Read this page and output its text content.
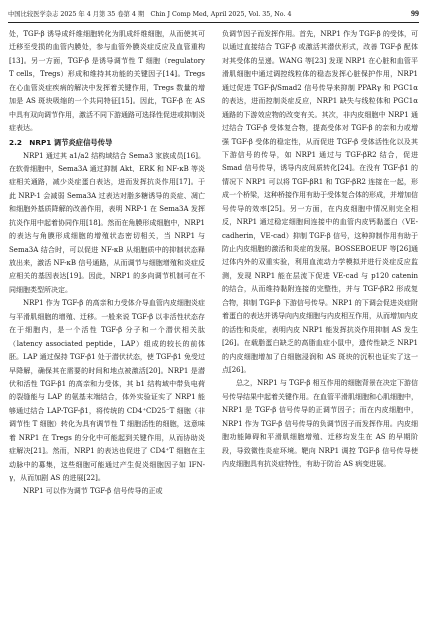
中国比较医学杂志 2025 年 4 月第 35 卷第 4 期　Chin J Comp Med, April 2025, Vol. 35, No. 4	99

处，TGF-β 诱导成纤维细胞转化为肌成纤维细胞，从而使其可迁移至受损的血管内膜处，参与血管外膜炎症反应及血管重构[13]。另一方面，TGF-β 是诱导调节性 T 细胞（regulatory T cells，Tregs）形成和维持其功能的关键因子[14]。Tregs 在心血管炎症疾病的解决中发挥着关键作用，Tregs 数量的增加是 AS 斑块吸缩的一个共同特征[15]。因此，TGF-β 在 AS 中具有双向调节作用，激活不同下游通路可选择性促进或抑制炎症表达。

2.2　NRP1 调节炎症信号传导

NRP1 通过其 a1/a2 结构域结合 Sema3 家族成员[16]。在软骨细胞中，Sema3A 通过抑制 Akt、ERK 和 NF-κB 等炎症相关通路，减少炎症蛋白表达，进而发挥抗炎作用[17]。于此 NRP-1 会减弱 Sema3A 过表达对脂多糖诱导的炎症、凋亡和细胞外基质降解的改善作用，表明 NRP-1 在 Sema3A 发挥抗炎作用中起着协同作用[18]。然而在角膜形成细胞中，NRP1 的表达与角膜形成细胞的增殖状态密切相关，当 NRP1 与 Sema3A 结合时，可以促进 NF-κB 从细胞质中的抑制状态释放出来，激活 NF-κB 信号通路，从而调节与细胞增殖和炎症反应相关的基因表达[19]。因此，NRP1 的多向调节机制可在不同细胞类型所决定。

NRP1 作为 TGF-β 的高亲和力受体介导血管内皮细胞炎症与平滑肌细胞的增殖、迁移。一般来说 TGF-β 以非活性状态存在于细胞内，是一个活性 TGF-β 分子和一个潜伏相关肽（latency associated peptide，LAP）组成的较长的前体胚。LAP 通过保持 TGF-β1 处于潜伏状态，使 TGF-β1 免受过早降解，确保其在需要的时间和地点被激活[20]。NRP1 是潜伏和活性 TGF-β1 的高亲和力受体，其 b1 结构域中带负电荷的裂缝能与 LAP 的氨基末端结合，体外实验证实了 NRP1 能够通过结合 LAP-TGF-β1，将传统的 CD4⁺CD25⁻T 细胞（非调节性 T 细胞）转化为具有调节性 T 细胞活性的细胞，这意味着 NRP1 在 Tregs 的分化中可能起到关键作用，从而协助炎症解决[21]。然而，NRP1 的表达也促进了 CD4⁺T 细胞在主动脉中的募集，这些细胞可能通过产生促炎细胞因子如 IFN-γ，从而加剧 AS 的进展[22]。

NRP1 可以作为调节 TGF-β 信号传导的正或

负调节因子而发挥作用。首先，NRP1 作为 TGF-β 的受体，可以通过直接结合 TGF-β 或激活其潜伏形式，改善 TGF-β 配体对其受体的呈递。WANG 等[23] 发现 NRP1 在心脏和血管平滑肌细胞中通过调控线粒体的稳态发挥心脏保护作用，NRP1 通过促进 TGF-β/Smad2 信号传导来抑制 PPARγ 和 PGC1α 的表达，进而控制炎症反应，NRP1 缺失与线粒体和 PGC1α 通路的下游效应物的改变有关。其次，非内皮细胞中 NRP1 通过结合 TGF-β 受体复合物，提高受体对 TGF-β 的亲和力或增强 TGF-β 受体的稳定性，从而促进 TGF-β 受体活性化以及其下游信号的传导，如 NRP1 通过与 TGF-βR2 结合，促进 Smad 信号传导，诱导内皮间质转化[24]。在没有 TGF-β1 的情况下 NRP1 可以将 TGF-βR1 和 TGF-βR2 连接在一起，形成一个桥梁，这种桥接作用有助于受体复合体的形成，并增加信号传导的效率[25]。另一方面，在内皮细胞中情况则完全相反，NRP1 通过稳定细胞间连接中的血管内皮钙黏蛋白（VE-cadherin，VE-cad）抑制 TGF-β 信号，这种抑制作用有助于防止内皮细胞的激活和炎症的发展。BOSSEBOEUF 等[26]通过体内外的双重实验，利用血流动力学模拟并进行炎症反应监测，发现 NRP1 能在层流下促进 VE-cad 与 p120 catenin 的结合，从而维持黏附连接的完整性，并与 TGF-βR2 形成复合物，抑制 TGF-β 下游信号传导。NRP1 的下调会促进炎症附着蛋白的表达并诱导向内皮细胞与内皮相互作用，从而增加内皮的活性和炎症，表明内皮 NRP1 能发挥抗炎作用抑制 AS 发生[26]。在载脂蛋白缺乏的高脂血症小鼠中，遗传性缺乏 NRP1 的内皮细胞增加了白细胞浸润和 AS 斑块的沉积也证实了这一点[26]。

总之，NRP1 与 TGF-β 相互作用的细胞背景在决定下游信号传导结果中起着关键作用。在血管平滑肌细胞和心肌细胞中，NRP1 是 TGF-β 信号传导的正调节因子；而在内皮细胞中，NRP1 作为 TGF-β 信号传导的负调节因子而发挥作用。内皮细胞功能障碍和平滑肌细胞增殖、迁移均发生在 AS 的早期阶段，导致微性炎症环境。靶向 NRP1 调控 TGF-β 信号传导使内皮细胞具有抗炎症特性，有助于防治 AS 病变进展。
